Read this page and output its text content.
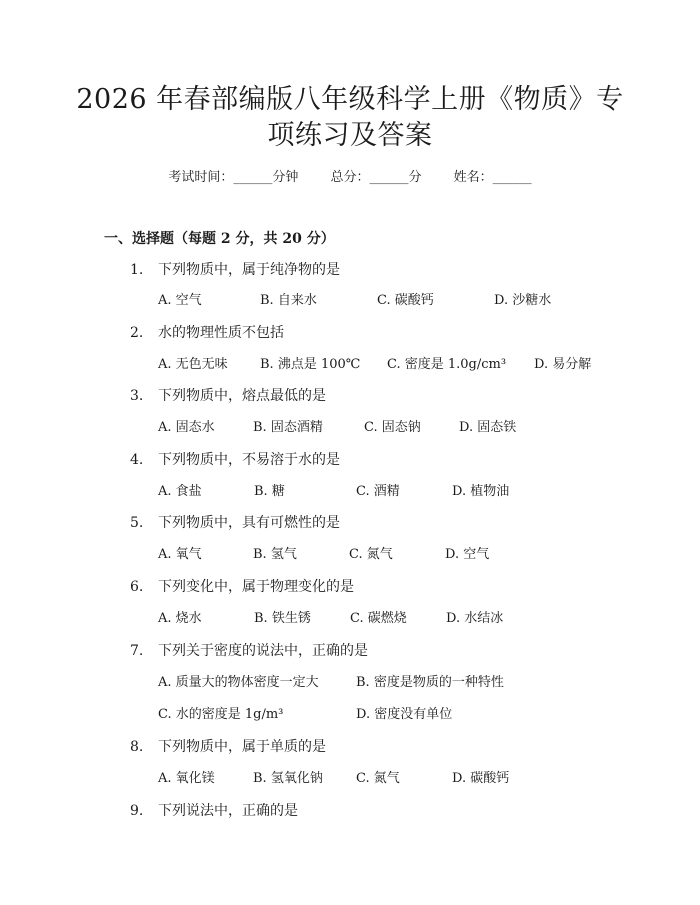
2026 年春部编版八年级科学上册《物质》专
项练习及答案
考试时间：______分钟 总分：______分 姓名：______
一、选择题（每题 2 分，共 20 分）
1. 下列物质中，属于纯净物的是
A. 空气	B. 自来水	C. 碳酸钙	D. 沙糖水
2. 水的物理性质不包括
A. 无色无味 B. 沸点是 100℃ C. 密度是 1.0g/cm³ D. 易分解
3. 下列物质中，熔点最低的是
A. 固态水	B. 固态酒精	C. 固态钠	D. 固态铁
4. 下列物质中，不易溶于水的是
A. 食盐	B. 糖	C. 酒精	D. 植物油
5. 下列物质中，具有可燃性的是
A. 氧气	B. 氢气	C. 氮气	D. 空气
6. 下列变化中，属于物理变化的是
A. 烧水	B. 铁生锈	C. 碳燃烧	D. 水结冰
7. 下列关于密度的说法中，正确的是
A. 质量大的物体密度一定大	B. 密度是物质的一种特性
C. 水的密度是 1g/m³	D. 密度没有单位
8. 下列物质中，属于单质的是
A. 氧化镁	B. 氢氧化钠	C. 氮气	D. 碳酸钙
9. 下列说法中，正确的是
